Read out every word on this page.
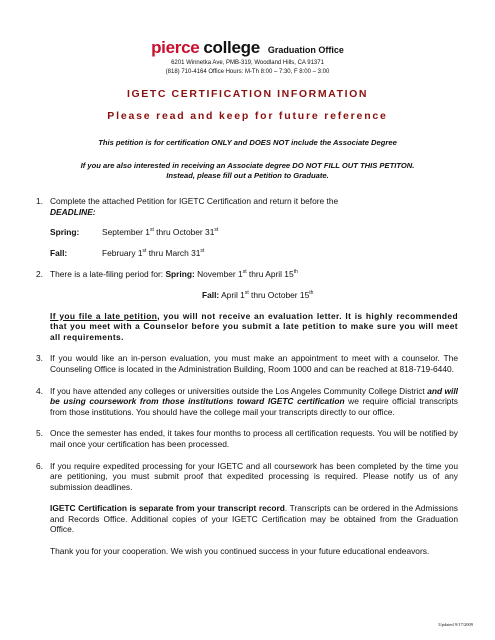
pierce college Graduation Office
6201 Winnetka Ave, PMB-319, Woodland Hills, CA 91371
(818) 710-4164 Office Hours: M-Th 8:00 – 7:30, F 8:00 – 3:00
IGETC CERTIFICATION INFORMATION
Please read and keep for future reference
This petition is for certification ONLY and DOES NOT include the Associate Degree
If you are also interested in receiving an Associate degree DO NOT FILL OUT THIS PETITON.
Instead, please fill out a Petition to Graduate.
1. Complete the attached Petition for IGETC Certification and return it before the
DEADLINE:
Spring:	September 1st thru October 31st
Fall:	February 1st thru March 31st
2. There is a late-filing period for: Spring: November 1st thru April 15th
Fall: April 1st thru October 15th
If you file a late petition, you will not receive an evaluation letter. It is highly recommended that you meet with a Counselor before you submit a late petition to make sure you will meet all requirements.
3. If you would like an in-person evaluation, you must make an appointment to meet with a counselor. The Counseling Office is located in the Administration Building, Room 1000 and can be reached at 818-719-6440.
4. If you have attended any colleges or universities outside the Los Angeles Community College District and will be using coursework from those institutions toward IGETC certification we require official transcripts from those institutions. You should have the college mail your transcripts directly to our office.
5. Once the semester has ended, it takes four months to process all certification requests. You will be notified by mail once your certification has been processed.
6. If you require expedited processing for your IGETC and all coursework has been completed by the time you are petitioning, you must submit proof that expedited processing is required. Please notify us of any submission deadlines.
IGETC Certification is separate from your transcript record. Transcripts can be ordered in the Admissions and Records Office. Additional copies of your IGETC Certification may be obtained from the Graduation Office.
Thank you for your cooperation. We wish you continued success in your future educational endeavors.
Updated 9/17/2009
